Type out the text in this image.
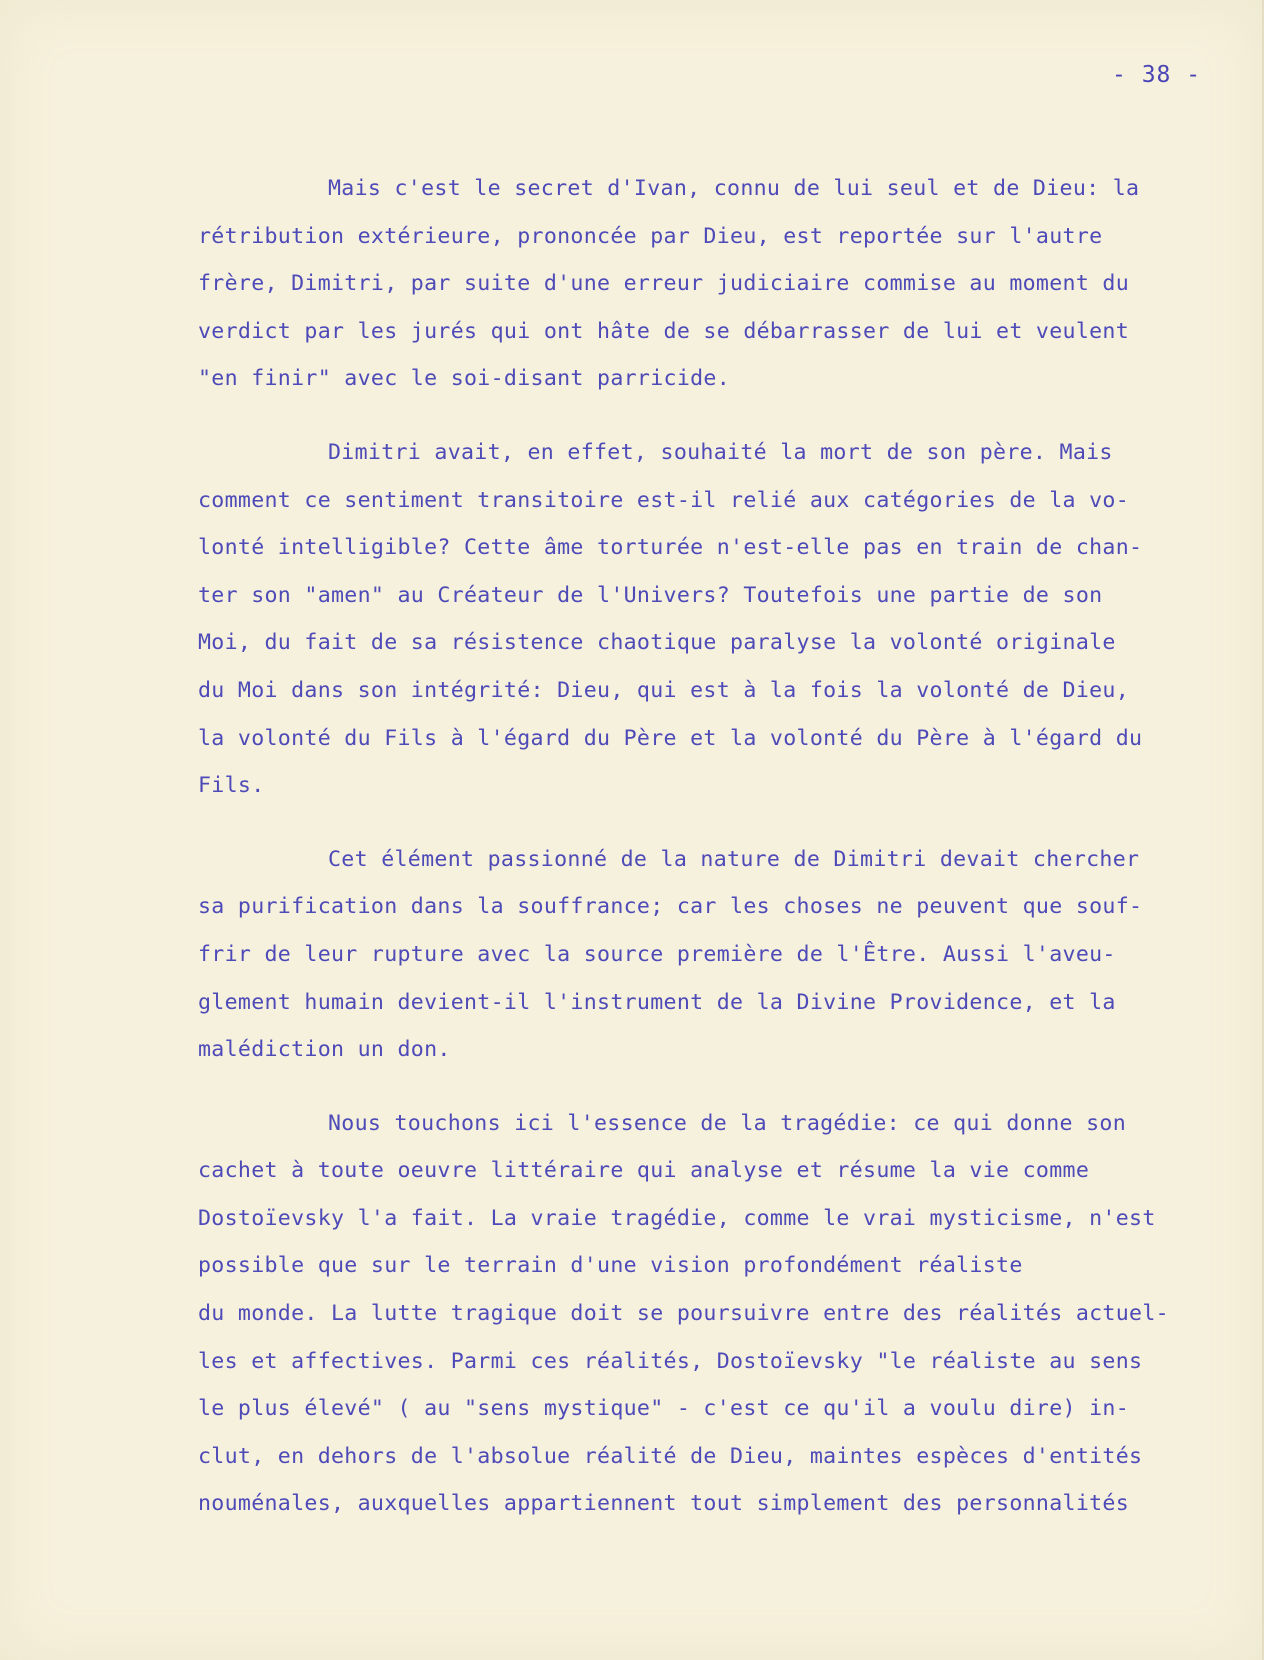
- 38 -
Mais c'est le secret d'Ivan, connu de lui seul et de Dieu: la
rétribution extérieure, prononcée par Dieu, est reportée sur l'autre
frère, Dimitri, par suite d'une erreur judiciaire commise au moment du
verdict par les jurés qui ont hâte de se débarrasser de lui et veulent
"en finir" avec le soi-disant parricide.
Dimitri avait, en effet, souhaité la mort de son père. Mais
comment ce sentiment transitoire est-il relié aux catégories de la vo-
lonté intelligible? Cette âme torturée n'est-elle pas en train de chan-
ter son "amen" au Créateur de l'Univers? Toutefois une partie de son
Moi, du fait de sa résistence chaotique paralyse la volonté originale
du Moi dans son intégrité: Dieu, qui est à la fois la volonté de Dieu,
la volonté du Fils à l'égard du Père et la volonté du Père à l'égard du
Fils.
Cet élément passionné de la nature de Dimitri devait chercher
sa purification dans la souffrance; car les choses ne peuvent que souf-
frir de leur rupture avec la source première de l'Être. Aussi l'aveu-
glement humain devient-il l'instrument de la Divine Providence, et la
malédiction un don.
Nous touchons ici l'essence de la tragédie: ce qui donne son
cachet à toute oeuvre littéraire qui analyse et résume la vie comme
Dostoïevsky l'a fait. La vraie tragédie, comme le vrai mysticisme, n'est
possible que sur le terrain d'une vision profondément réaliste
du monde. La lutte tragique doit se poursuivre entre des réalités actuel-
les et affectives. Parmi ces réalités, Dostoïevsky "le réaliste au sens
le plus élevé" ( au "sens mystique" - c'est ce qu'il a voulu dire) in-
clut, en dehors de l'absolue réalité de Dieu, maintes espèces d'entités
nouménales, auxquelles appartiennent tout simplement des personnalités
